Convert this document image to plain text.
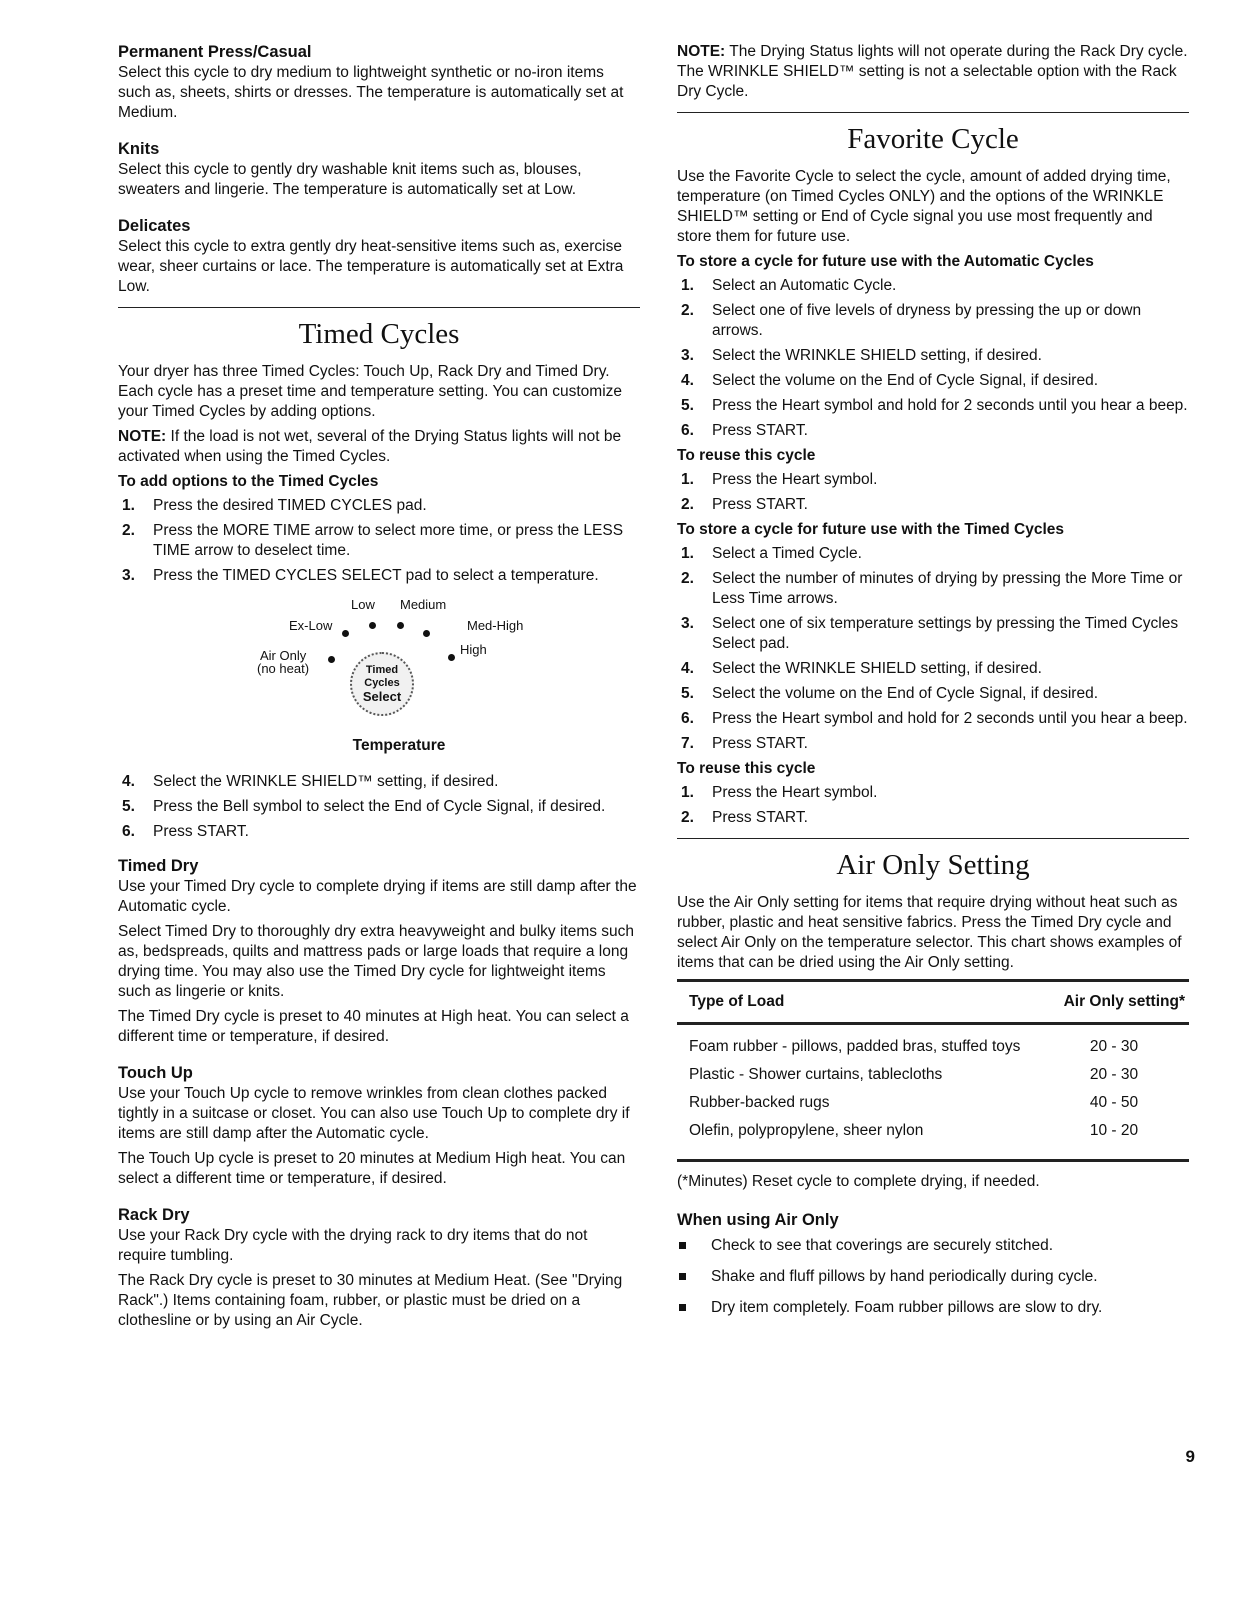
Permanent Press/Casual

Select this cycle to dry medium to lightweight synthetic or no-iron items such as, sheets, shirts or dresses. The temperature is automatically set at Medium.

Knits

Select this cycle to gently dry washable knit items such as, blouses, sweaters and lingerie. The temperature is automatically set at Low.

Delicates

Select this cycle to extra gently dry heat-sensitive items such as, exercise wear, sheer curtains or lace. The temperature is automatically set at Extra Low.

Timed Cycles

Your dryer has three Timed Cycles: Touch Up, Rack Dry and Timed Dry. Each cycle has a preset time and temperature setting. You can customize your Timed Cycles by adding options.

NOTE: If the load is not wet, several of the Drying Status lights will not be activated when using the Timed Cycles.

To add options to the Timed Cycles
1. Press the desired TIMED CYCLES pad.
2. Press the MORE TIME arrow to select more time, or press the LESS TIME arrow to deselect time.
3. Press the TIMED CYCLES SELECT pad to select a temperature.
Low Medium
Ex-Low	Med-High
Air Only
(no heat)
High
Timed
Cycles
Select
Temperature
4. Select the WRINKLE SHIELD™ setting, if desired.
5. Press the Bell symbol to select the End of Cycle Signal, if desired.
6. Press START.
Timed Dry

Use your Timed Dry cycle to complete drying if items are still damp after the Automatic cycle.

Select Timed Dry to thoroughly dry extra heavyweight and bulky items such as, bedspreads, quilts and mattress pads or large loads that require a long drying time. You may also use the Timed Dry cycle for lightweight items such as lingerie or knits.

The Timed Dry cycle is preset to 40 minutes at High heat. You can select a different time or temperature, if desired.

Touch Up

Use your Touch Up cycle to remove wrinkles from clean clothes packed tightly in a suitcase or closet. You can also use Touch Up to complete dry if items are still damp after the Automatic cycle.

The Touch Up cycle is preset to 20 minutes at Medium High heat. You can select a different time or temperature, if desired.

Rack Dry

Use your Rack Dry cycle with the drying rack to dry items that do not require tumbling.

The Rack Dry cycle is preset to 30 minutes at Medium Heat. (See "Drying Rack".) Items containing foam, rubber, or plastic must be dried on a clothesline or by using an Air Cycle.

NOTE: The Drying Status lights will not operate during the Rack Dry cycle. The WRINKLE SHIELD™ setting is not a selectable option with the Rack Dry Cycle.

Favorite Cycle

Use the Favorite Cycle to select the cycle, amount of added drying time, temperature (on Timed Cycles ONLY) and the options of the WRINKLE SHIELD™ setting or End of Cycle signal you use most frequently and store them for future use.

To store a cycle for future use with the Automatic Cycles
1. Select an Automatic Cycle.
2. Select one of five levels of dryness by pressing the up or down arrows.
3. Select the WRINKLE SHIELD setting, if desired.
4. Select the volume on the End of Cycle Signal, if desired.
5. Press the Heart symbol and hold for 2 seconds until you hear a beep.
6. Press START.
To reuse this cycle
1. Press the Heart symbol.
2. Press START.
To store a cycle for future use with the Timed Cycles
1. Select a Timed Cycle.
2. Select the number of minutes of drying by pressing the More Time or Less Time arrows.
3. Select one of six temperature settings by pressing the Timed Cycles Select pad.
4. Select the WRINKLE SHIELD setting, if desired.
5. Select the volume on the End of Cycle Signal, if desired.
6. Press the Heart symbol and hold for 2 seconds until you hear a beep.
7. Press START.
To reuse this cycle
1. Press the Heart symbol.
2. Press START.
Air Only Setting

Use the Air Only setting for items that require drying without heat such as rubber, plastic and heat sensitive fabrics. Press the Timed Dry cycle and select Air Only on the temperature selector. This chart shows examples of items that can be dried using the Air Only setting.

Type of Load	Air Only setting*
Foam rubber - pillows, padded bras, stuffed toys	20 - 30
Plastic - Shower curtains, tablecloths	20 - 30
Rubber-backed rugs	40 - 50
Olefin, polypropylene, sheer nylon	10 - 20

(*Minutes) Reset cycle to complete drying, if needed.

When using Air Only
Check to see that coverings are securely stitched.
Shake and fluff pillows by hand periodically during cycle.
Dry item completely. Foam rubber pillows are slow to dry.
9
